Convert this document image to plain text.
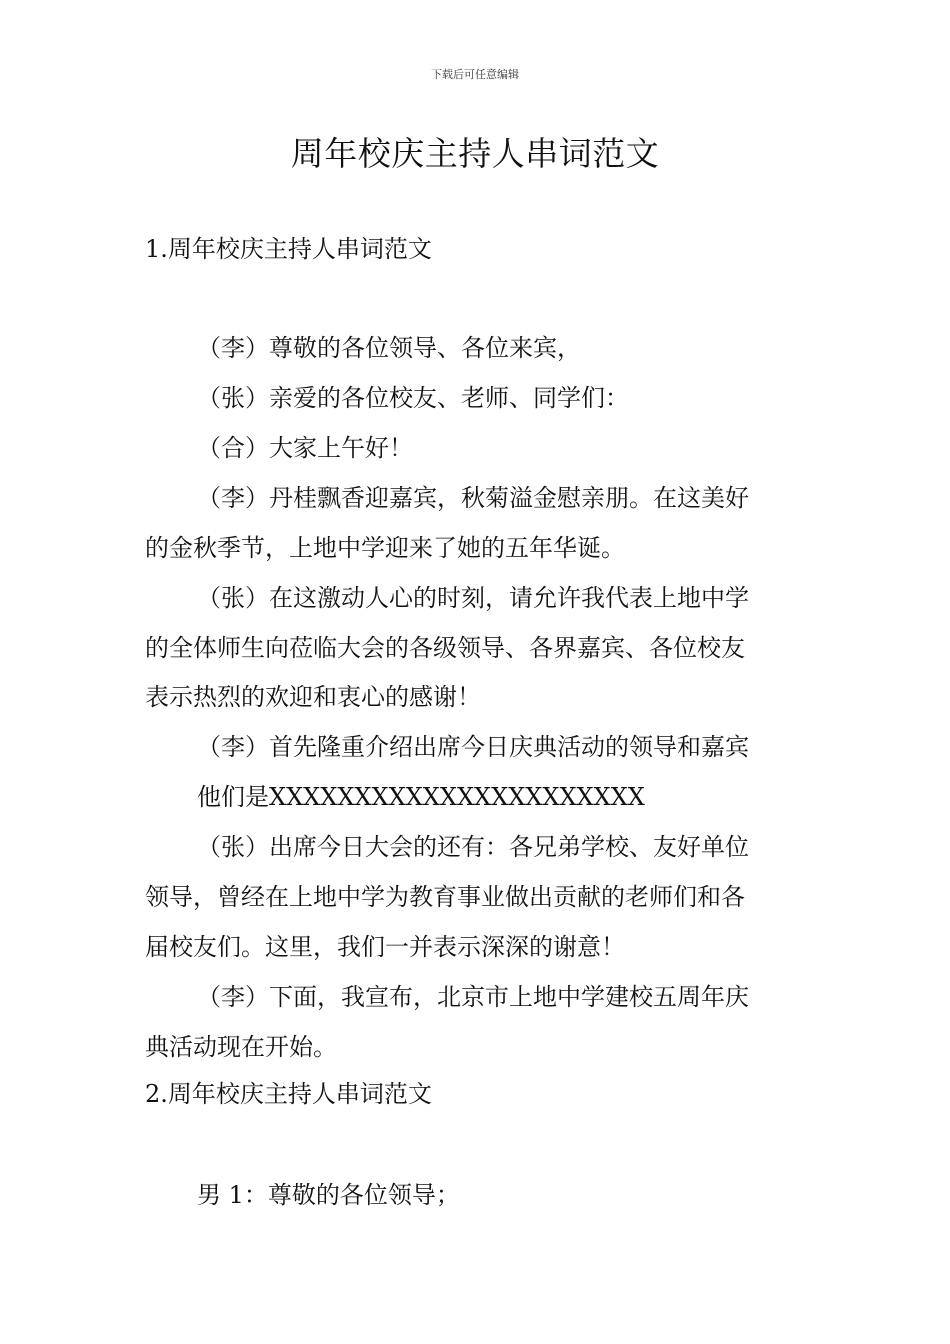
下载后可任意编辑
周年校庆主持人串词范文
1.周年校庆主持人串词范文
（李）尊敬的各位领导、各位来宾，
（张）亲爱的各位校友、老师、同学们：
（合）大家上午好！
（李）丹桂飘香迎嘉宾，秋菊溢金慰亲朋。在这美好
的金秋季节，上地中学迎来了她的五年华诞。
（张）在这激动人心的时刻，请允许我代表上地中学
的全体师生向莅临大会的各级领导、各界嘉宾、各位校友
表示热烈的欢迎和衷心的感谢！
（李）首先隆重介绍出席今日庆典活动的领导和嘉宾
他们是XXXXXXXXXXXXXXXXXXXXXX
（张）出席今日大会的还有：各兄弟学校、友好单位
领导，曾经在上地中学为教育事业做出贡献的老师们和各
届校友们。这里，我们一并表示深深的谢意！
（李）下面，我宣布，北京市上地中学建校五周年庆
典活动现在开始。
2.周年校庆主持人串词范文
男 1：尊敬的各位领导；
